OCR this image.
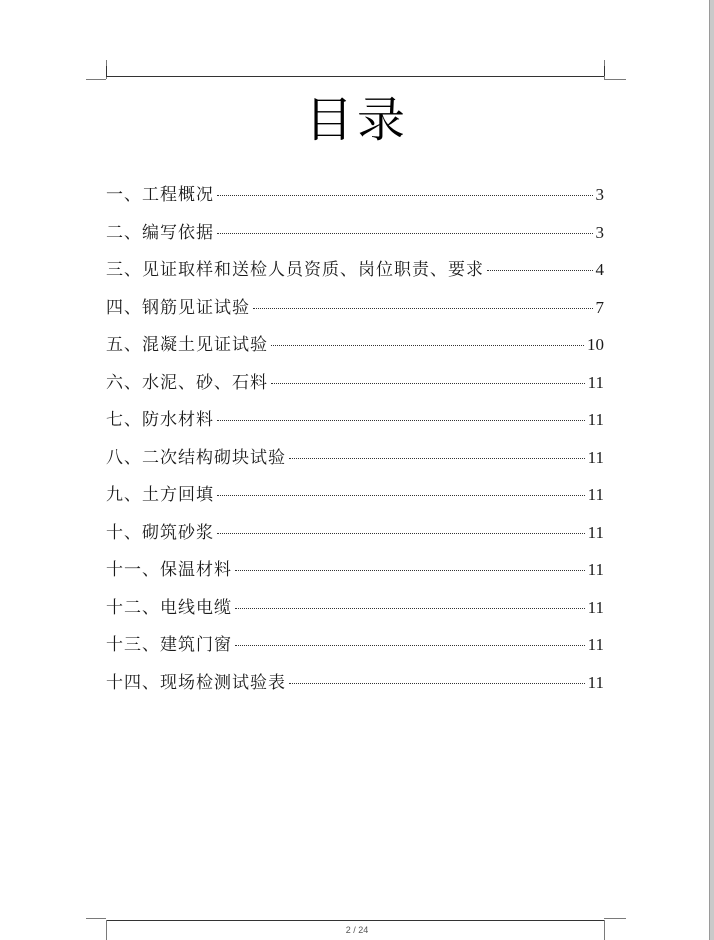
目录
一、工程概况	3
二、编写依据	3
三、见证取样和送检人员资质、岗位职责、要求	4
四、钢筋见证试验	7
五、混凝土见证试验	10
六、水泥、砂、石料	11
七、防水材料	11
八、二次结构砌块试验	11
九、土方回填	11
十、砌筑砂浆	11
十一、保温材料	11
十二、电线电缆	11
十三、建筑门窗	11
十四、现场检测试验表	11
2 / 24
